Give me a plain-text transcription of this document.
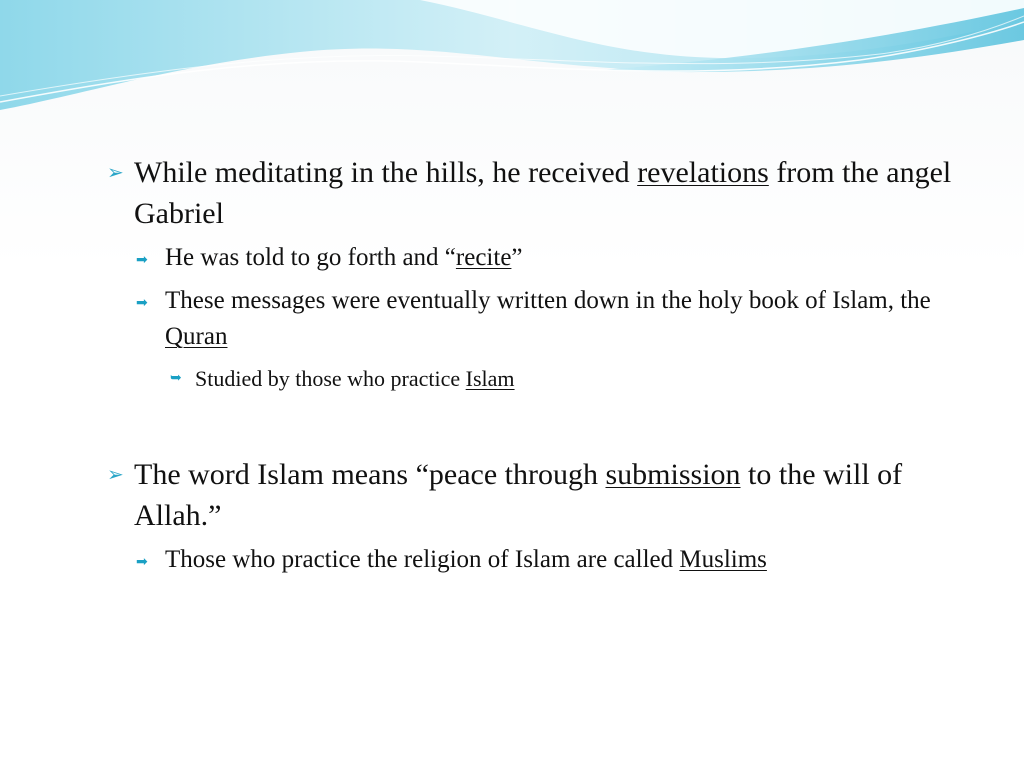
➢ While meditating in the hills, he received revelations from the angel Gabriel
➡ He was told to go forth and “recite”
➡ These messages were eventually written down in the holy book of Islam, the Quran
➥ Studied by those who practice Islam
➢ The word Islam means “peace through submission to the will of Allah.”
➡ Those who practice the religion of Islam are called Muslims
